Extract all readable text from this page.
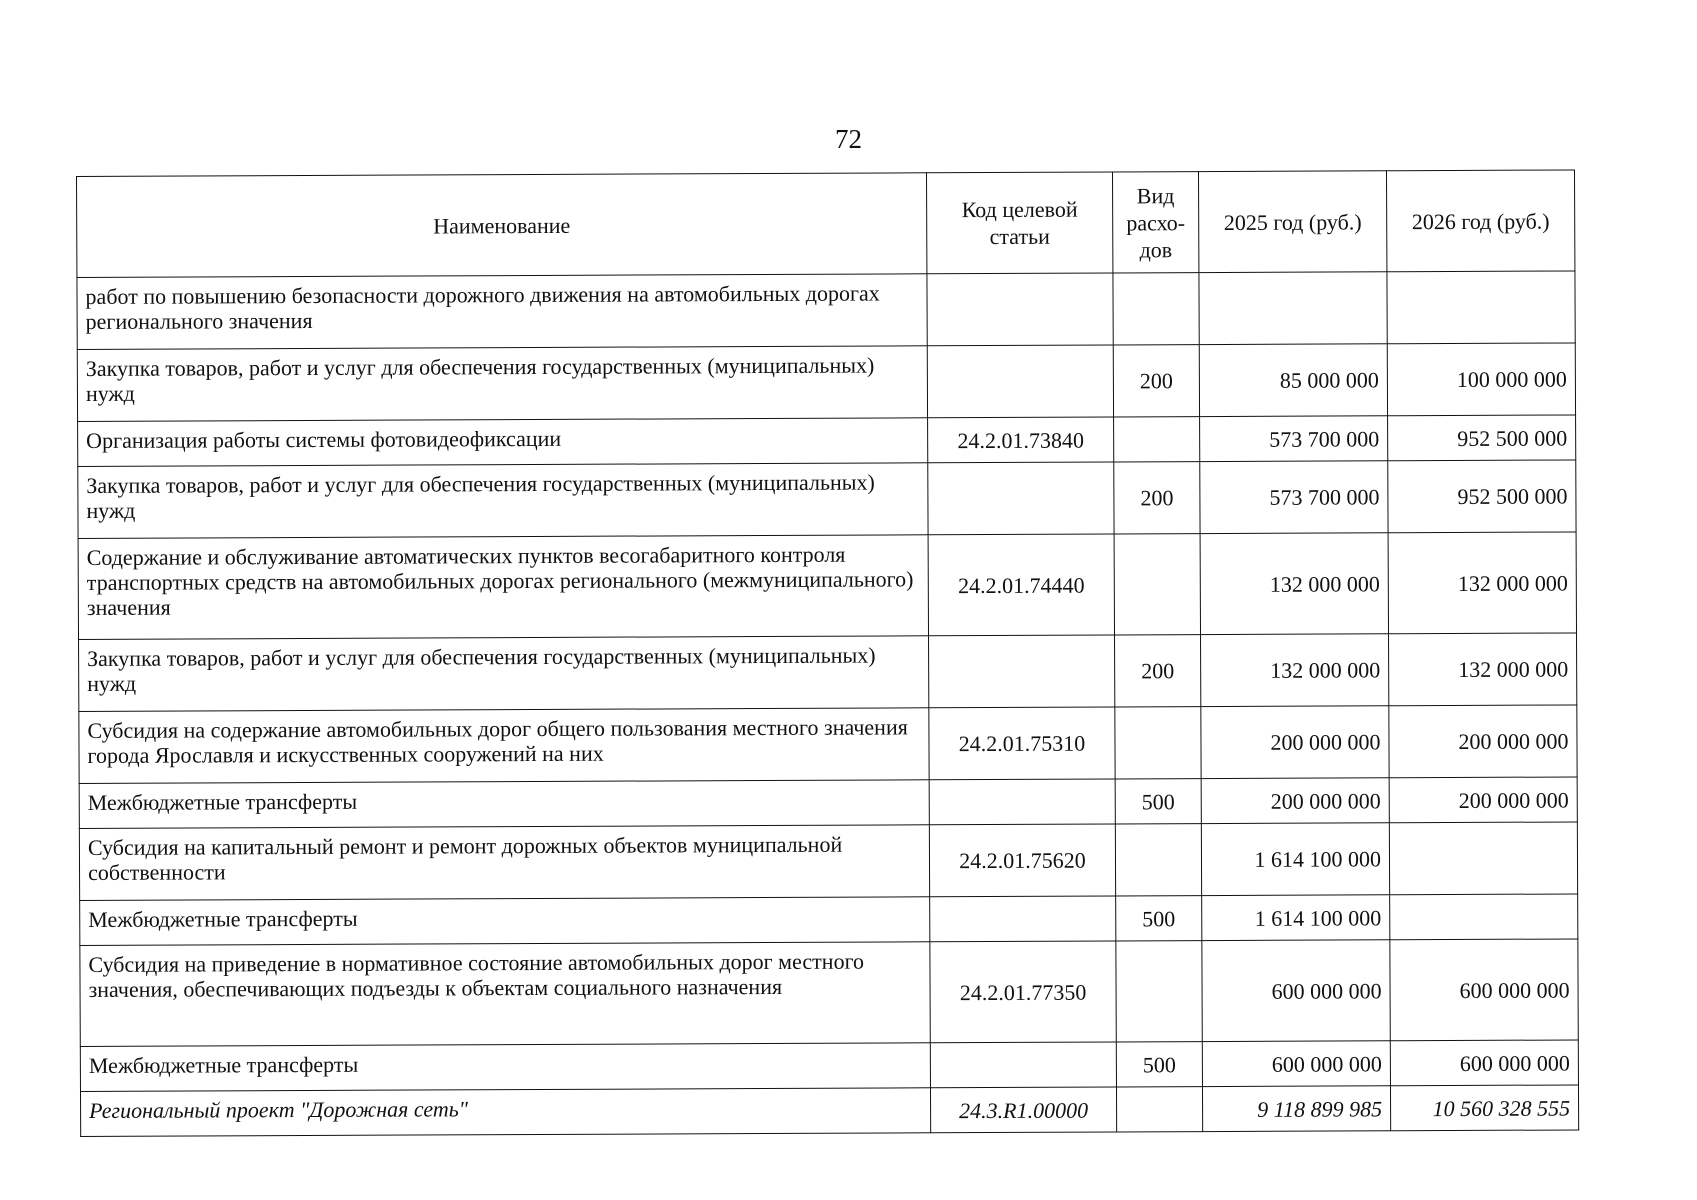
72
Наименование	Код целевой статьи	Вид расхо-дов	2025 год (руб.)	2026 год (руб.)
работ по повышению безопасности дорожного движения на автомобильных дорогах регионального значения				
Закупка товаров, работ и услуг для обеспечения государственных (муниципальных) нужд		200	85 000 000	100 000 000
Организация работы системы фотовидеофиксации	24.2.01.73840		573 700 000	952 500 000
Закупка товаров, работ и услуг для обеспечения государственных (муниципальных) нужд		200	573 700 000	952 500 000
Содержание и обслуживание автоматических пунктов весогабаритного контроля транспортных средств на автомобильных дорогах регионального (межмуниципального) значения	24.2.01.74440		132 000 000	132 000 000
Закупка товаров, работ и услуг для обеспечения государственных (муниципальных) нужд		200	132 000 000	132 000 000
Субсидия на содержание автомобильных дорог общего пользования местного значения города Ярославля и искусственных сооружений на них	24.2.01.75310		200 000 000	200 000 000
Межбюджетные трансферты		500	200 000 000	200 000 000
Субсидия на капитальный ремонт и ремонт дорожных объектов муниципальной собственности	24.2.01.75620		1 614 100 000	
Межбюджетные трансферты		500	1 614 100 000	
Субсидия на приведение в нормативное состояние автомобильных дорог местного значения, обеспечивающих подъезды к объектам социального назначения	24.2.01.77350		600 000 000	600 000 000
Межбюджетные трансферты		500	600 000 000	600 000 000
Региональный проект "Дорожная сеть"	24.3.R1.00000		9 118 899 985	10 560 328 555
